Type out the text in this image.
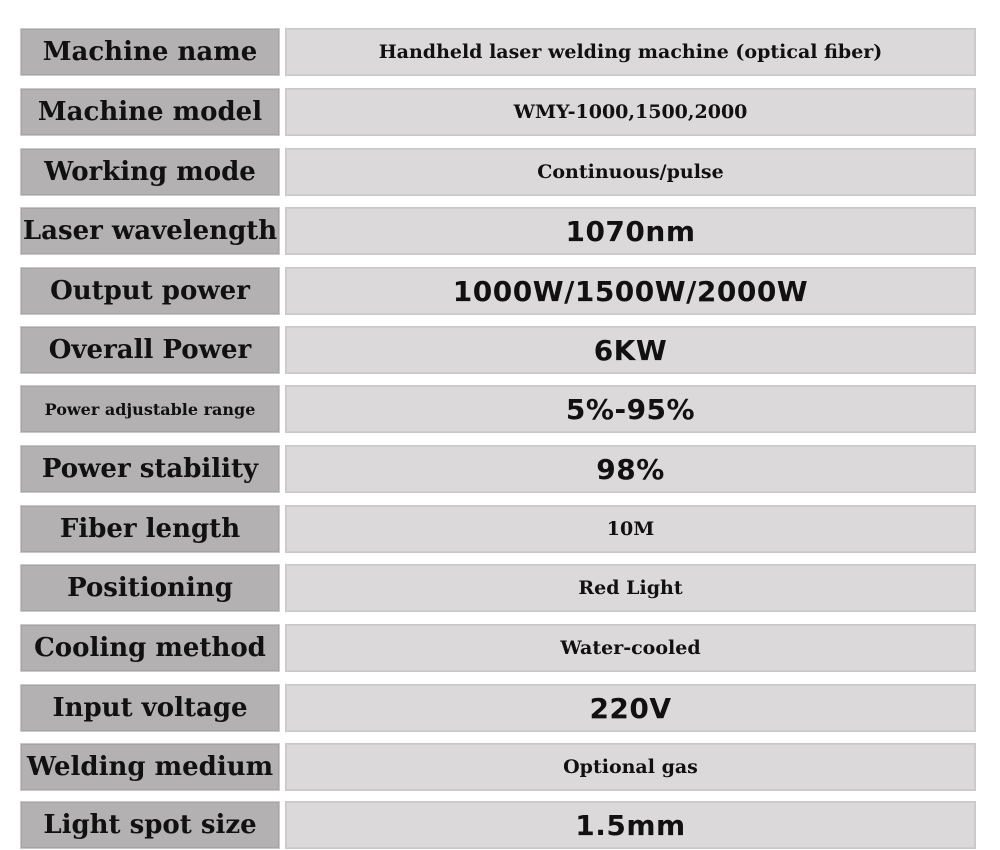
Machine name	Handheld laser welding machine (optical fiber)
Machine model	WMY-1000,1500,2000
Working mode	Continuous/pulse
Laser wavelength	1070nm
Output power	1000W/1500W/2000W
Overall Power	6KW
Power adjustable range	5%-95%
Power stability	98%
Fiber length	10M
Positioning	Red Light
Cooling method	Water-cooled
Input voltage	220V
Welding medium	Optional gas
Light spot size	1.5mm
